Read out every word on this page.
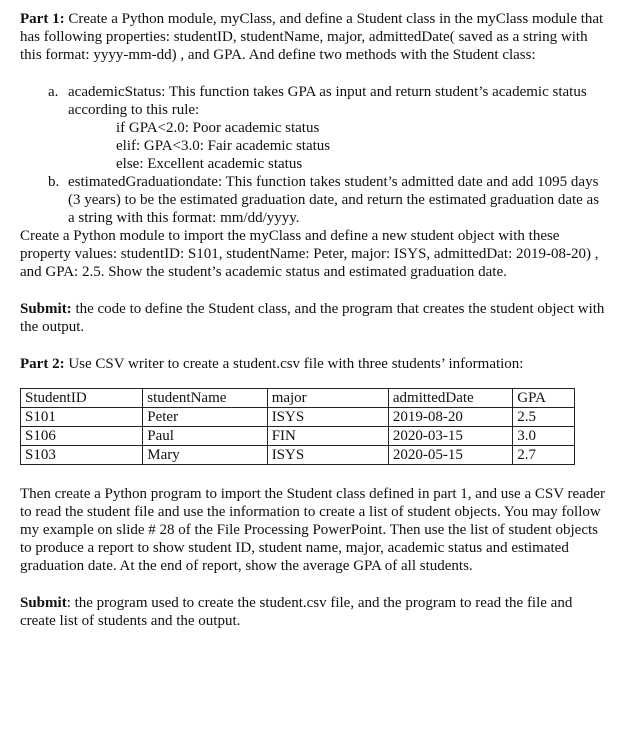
Part 1: Create a Python module, myClass, and define a Student class in the myClass module that has following properties: studentID, studentName, major, admittedDate( saved as a string with this format: yyyy-mm-dd) , and GPA. And define two methods with the Student class:

a. academicStatus: This function takes GPA as input and return student’s academic status according to this rule:

if GPA<2.0: Poor academic status

elif: GPA<3.0: Fair academic status

else: Excellent academic status

b. estimatedGraduationdate: This function takes student’s admitted date and add 1095 days (3 years) to be the estimated graduation date, and return the estimated graduation date as a string with this format: mm/dd/yyyy.

Create a Python module to import the myClass and define a new student object with these property values: studentID: S101, studentName: Peter, major: ISYS, admittedDat: 2019-08-20) , and GPA: 2.5. Show the student’s academic status and estimated graduation date.

Submit: the code to define the Student class, and the program that creates the student object with the output.

Part 2: Use CSV writer to create a student.csv file with three students’ information:

StudentID	studentName	major	admittedDate	GPA
S101	Peter	ISYS	2019-08-20	2.5
S106	Paul	FIN	2020-03-15	3.0
S103	Mary	ISYS	2020-05-15	2.7

Then create a Python program to import the Student class defined in part 1, and use a CSV reader to read the student file and use the information to create a list of student objects. You may follow my example on slide # 28 of the File Processing PowerPoint. Then use the list of student objects to produce a report to show student ID, student name, major, academic status and estimated graduation date. At the end of report, show the average GPA of all students.

Submit: the program used to create the student.csv file, and the program to read the file and create list of students and the output.
